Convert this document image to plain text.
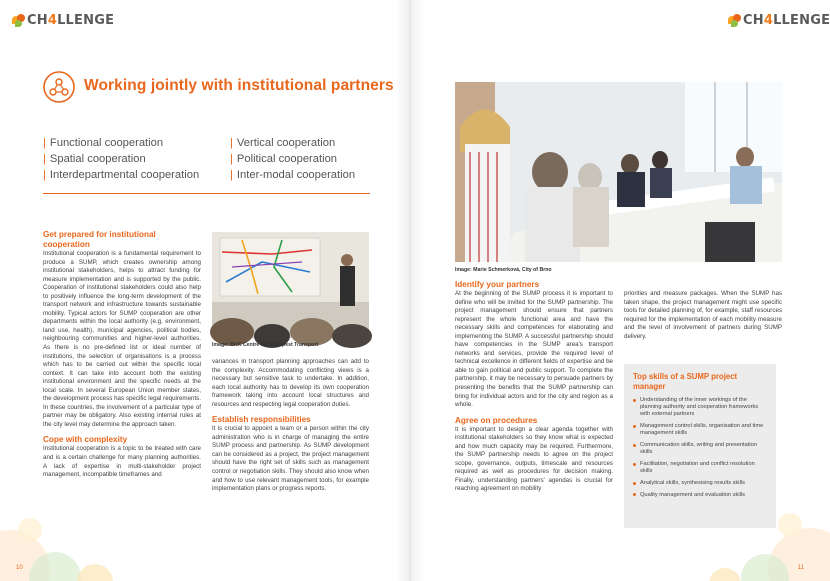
CH4LLENGE
Working jointly with institutional partners
| Functional cooperation
| Spatial cooperation
| Interdepartmental cooperation
| Vertical cooperation
| Political cooperation
| Inter-modal cooperation
Get prepared for institutional cooperation

Institutional cooperation is a fundamental requirement to produce a SUMP, which creates ownership among institutional stakeholders, helps to attract funding for measure implementation and is supported by the public. Cooperation of institutional stakeholders could also help to positively influence the long-term development of the transport network and infrastructure towards sustainable mobility. Typical actors for SUMP cooperation are other departments within the local authority (e.g. environment, land use, health), municipal agencies, political bodies, neighbouring communities and higher-level authorities. As there is no pre-defined list or ideal number of institutions, the selection of organisations is a process which has to be carried out within the specific local context. It can take into account both the existing institutional environment and the specific needs at the local scale. In several European Union member states, the development process has specific legal requirements. In these countries, the involvement of a particular type of partner may be obligatory. Also existing internal rules at the city level may determine the approach taken.

Cope with complexity

Institutional cooperation is a topic to be treated with care and is a certain challenge for many planning authorities. A lack of expertise in multi-stakeholder project management, incompatible timeframes and

Image: BKK Centre for Budapest Transport

variances in transport planning approaches can add to the complexity. Accommodating conflicting views is a necessary but sensitive task to undertake. In addition, each local authority has to develop its own cooperation framework taking into account local structures and resources and respecting legal cooperation duties.

Establish responsibilities

It is crucial to appoint a team or a person within the city administration who is in charge of managing the entire SUMP process and partnership. As SUMP development can be considered as a project, the project management should have the right set of skills such as management control or negotiation skills. They should also know when and how to use relevant management tools, for example implementation plans or progress reports.

10
CH4LLENGE
Image: Marie Schmerková, City of Brno
Identify your partners

At the beginning of the SUMP process it is important to define who will be invited for the SUMP partnership. The project management should ensure that partners represent the whole functional area and have the necessary skills and competences for elaborating and implementing the SUMP. A successful partnership should have competencies in the SUMP area's transport networks and services, provide the required level of technical excellence in different fields of expertise and be able to gain political and public support. To complete the partnership, it may be necessary to persuade partners by presenting the benefits that the SUMP partnership can bring for individual actors and for the city and region as a whole.

Agree on procedures

It is important to design a clear agenda together with institutional stakeholders so they know what is expected and how much capacity may be required. Furthermore, the SUMP partnership needs to agree on the project scope, governance, outputs, timescale and resources required as well as procedures for decision making. Finally, understanding partners' agendas is crucial for reaching agreement on mobility

priorities and measure packages. When the SUMP has taken shape, the project management might use specific tools for detailed planning of, for example, staff resources required for the implementation of each mobility measure and the level of involvement of partners during SUMP delivery.

11
Top skills of a SUMP project manager
Understanding of the inner workings of the planning authority and cooperation frameworks with external partners
Management control skills, organisation and time management skills
Communication skills, writing and presentation skills
Facilitation, negotiation and conflict resolution skills
Analytical skills, synthesising results skills
Quality management and evaluation skills
